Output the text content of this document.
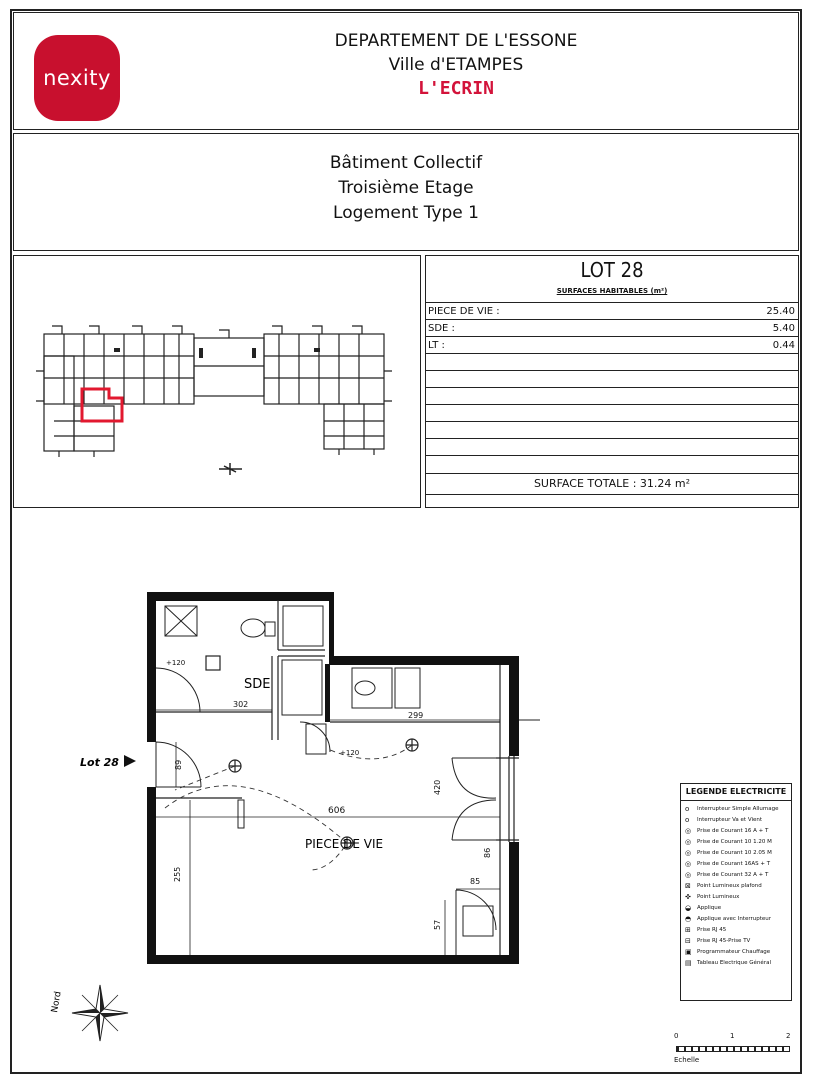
nexity
DEPARTEMENT DE L'ESSONE
Ville d'ETAMPES
L'ECRIN
Bâtiment Collectif
Troisième Etage
Logement Type 1
LOT 28
SURFACES HABITABLES (m²)
PIECE DE VIE :	25.40
SDE :	5.40
LT :	0.44
SURFACE TOTALE : 31.24 m²
606
302
299
85
255
420
57
86
89
+120
+120
SDE
PIECE DE VIE
Lot 28
Nord
LEGENDE ELECTRICITE
o	Interrupteur Simple Allumage
o	Interrupteur Va et Vient
◎	Prise de Courant 16 A + T
◎	Prise de Courant 10 1.20 M
◎	Prise de Courant 10 2.05 M
◎	Prise de Courant 16AS + T
◎	Prise de Courant 32 A + T
⊠	Point Lumineux plafond
✜	Point Lumineux
◒	Applique
◓	Applique avec Interrupteur
⊞	Prise RJ 45
⊟	Prise RJ 45-Prise TV
▣ Programmateur Chauffage
▤ Tableau Electrique Général
0	1	2
Echelle
